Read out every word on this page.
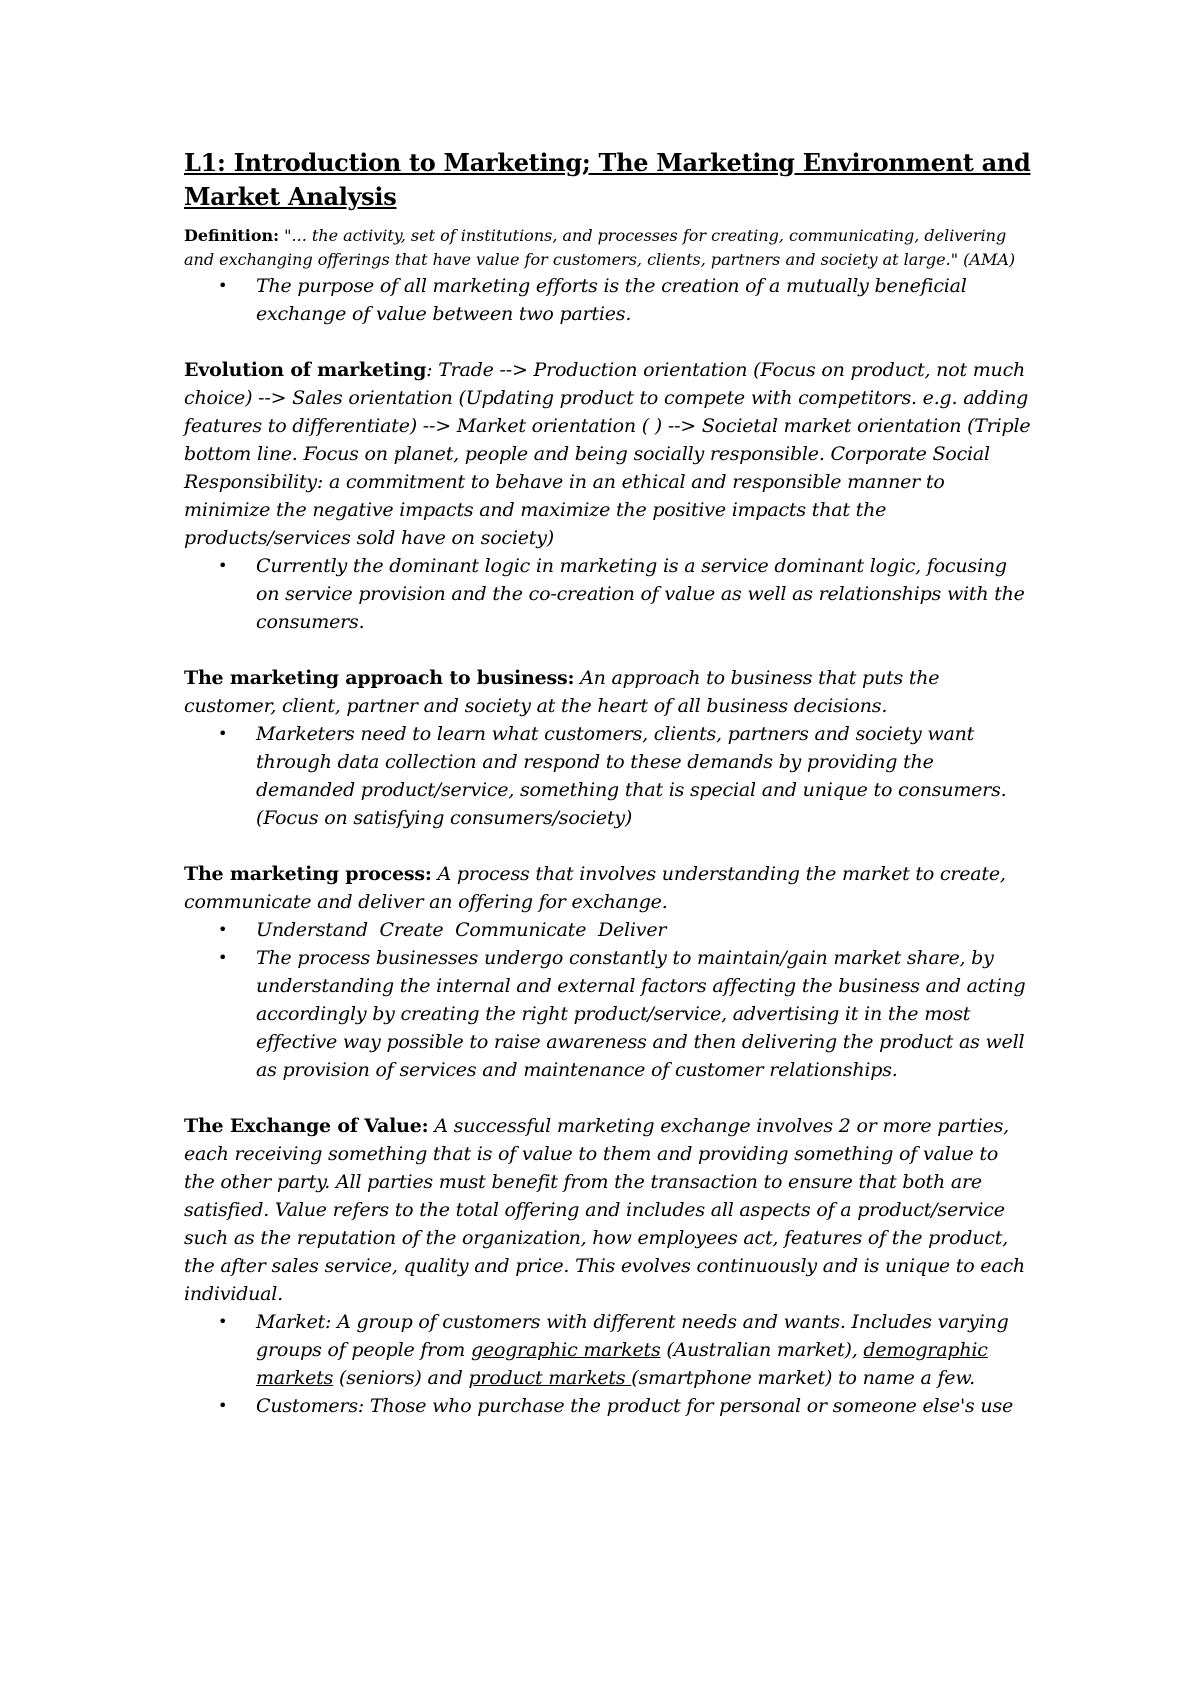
L1: Introduction to Marketing; The Marketing Environment and Market Analysis

Definition: "... the activity, set of institutions, and processes for creating, communicating, delivering and exchanging offerings that have value for customers, clients, partners and society at large." (AMA)

• The purpose of all marketing efforts is the creation of a mutually beneficial exchange of value between two parties.

Evolution of marketing: Trade --> Production orientation (Focus on product, not much choice) --> Sales orientation (Updating product to compete with competitors. e.g. adding features to differentiate) --> Market orientation ( ) --> Societal market orientation (Triple bottom line. Focus on planet, people and being socially responsible. Corporate Social Responsibility: a commitment to behave in an ethical and responsible manner to minimize the negative impacts and maximize the positive impacts that the products/services sold have on society)

• Currently the dominant logic in marketing is a service dominant logic, focusing on service provision and the co-creation of value as well as relationships with the consumers.

The marketing approach to business: An approach to business that puts the customer, client, partner and society at the heart of all business decisions.

• Marketers need to learn what customers, clients, partners and society want through data collection and respond to these demands by providing the demanded product/service, something that is special and unique to consumers. (Focus on satisfying consumers/society)

The marketing process: A process that involves understanding the market to create, communicate and deliver an offering for exchange.

• Understand  Create  Communicate  Deliver
• The process businesses undergo constantly to maintain/gain market share, by understanding the internal and external factors affecting the business and acting accordingly by creating the right product/service, advertising it in the most effective way possible to raise awareness and then delivering the product as well as provision of services and maintenance of customer relationships.

The Exchange of Value: A successful marketing exchange involves 2 or more parties, each receiving something that is of value to them and providing something of value to the other party. All parties must benefit from the transaction to ensure that both are satisfied. Value refers to the total offering and includes all aspects of a product/service such as the reputation of the organization, how employees act, features of the product, the after sales service, quality and price. This evolves continuously and is unique to each individual.

• Market: A group of customers with different needs and wants. Includes varying groups of people from geographic markets (Australian market), demographic markets (seniors) and product markets (smartphone market) to name a few.
• Customers: Those who purchase the product for personal or someone else's use
